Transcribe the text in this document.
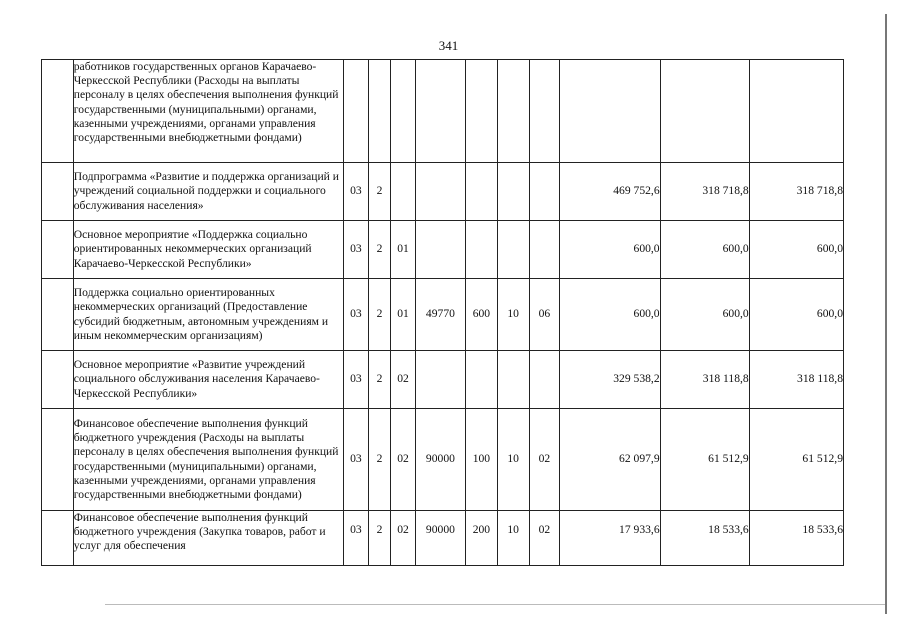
341
	работников государственных органов Карачаево-Черкесской Республики (Расходы на выплаты персоналу в целях обеспечения выполнения функций государственными (муниципальными) органами, казенными учреждениями, органами управления государственными внебюджетными фондами)										
	Подпрограмма «Развитие и поддержка организаций и учреждений социальной поддержки и социального обслуживания населения»	03	2						469 752,6	318 718,8	318 718,8
	Основное мероприятие «Поддержка социально ориентированных некоммерческих организаций Карачаево-Черкесской Республики»	03	2	01					600,0	600,0	600,0
	Поддержка социально ориентированных некоммерческих организаций (Предоставление субсидий бюджетным, автономным учреждениям и иным некоммерческим организациям)	03	2	01	49770	600	10	06	600,0	600,0	600,0
	Основное мероприятие «Развитие учреждений социального обслуживания населения Карачаево-Черкесской Республики»	03	2	02					329 538,2	318 118,8	318 118,8
	Финансовое обеспечение выполнения функций бюджетного учреждения (Расходы на выплаты персоналу в целях обеспечения выполнения функций государственными (муниципальными) органами, казенными учреждениями, органами управления государственными внебюджетными фондами)	03	2	02	90000	100	10	02	62 097,9	61 512,9	61 512,9
	Финансовое обеспечение выполнения функций бюджетного учреждения (Закупка товаров, работ и услуг для обеспечения	03	2	02	90000	200	10	02	17 933,6	18 533,6	18 533,6
